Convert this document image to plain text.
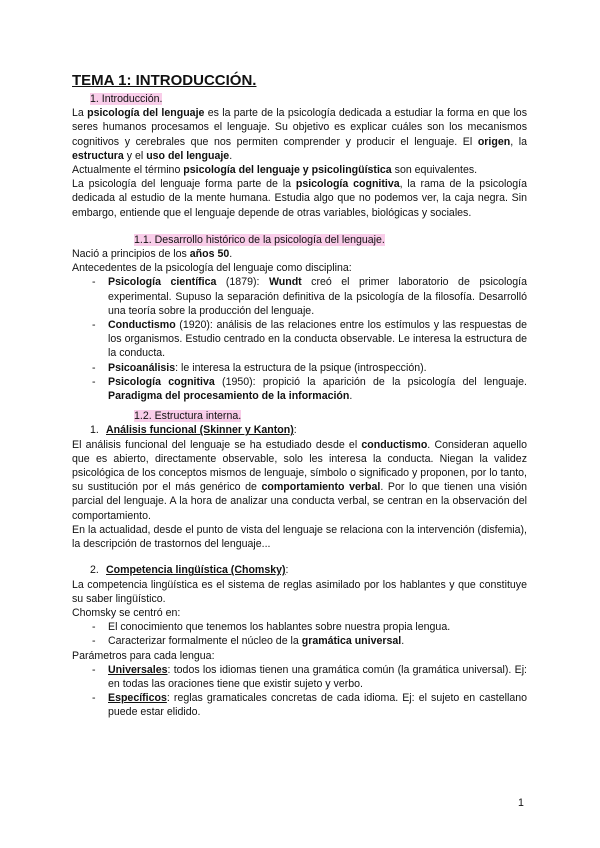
TEMA 1: INTRODUCCIÓN.
1. Introducción.

La psicología del lenguaje es la parte de la psicología dedicada a estudiar la forma en que los seres humanos procesamos el lenguaje. Su objetivo es explicar cuáles son los mecanismos cognitivos y cerebrales que nos permiten comprender y producir el lenguaje. El origen, la estructura y el uso del lenguaje.

Actualmente el término psicología del lenguaje y psicolingüística son equivalentes.

La psicología del lenguaje forma parte de la psicología cognitiva, la rama de la psicología dedicada al estudio de la mente humana. Estudia algo que no podemos ver, la caja negra. Sin embargo, entiende que el lenguaje depende de otras variables, biológicas y sociales.

1.1. Desarrollo histórico de la psicología del lenguaje.

Nació a principios de los años 50.

Antecedentes de la psicología del lenguaje como disciplina:

- Psicología científica (1879): Wundt creó el primer laboratorio de psicología experimental. Supuso la separación definitiva de la psicología de la filosofía. Desarrolló una teoría sobre la producción del lenguaje.
- Conductismo (1920): análisis de las relaciones entre los estímulos y las respuestas de los organismos. Estudio centrado en la conducta observable. Le interesa la estructura de la conducta.
- Psicoanálisis: le interesa la estructura de la psique (introspección).
- Psicología cognitiva (1950): propició la aparición de la psicología del lenguaje. Paradigma del procesamiento de la información.
1.2. Estructura interna.
1. Análisis funcional (Skinner y Kanton):

El análisis funcional del lenguaje se ha estudiado desde el conductismo. Consideran aquello que es abierto, directamente observable, solo les interesa la conducta. Niegan la validez psicológica de los conceptos mismos de lenguaje, símbolo o significado y proponen, por lo tanto, su sustitución por el más genérico de comportamiento verbal. Por lo que tienen una visión parcial del lenguaje. A la hora de analizar una conducta verbal, se centran en la observación del comportamiento.

En la actualidad, desde el punto de vista del lenguaje se relaciona con la intervención (disfemia), la descripción de trastornos del lenguaje...

2. Competencia lingüística (Chomsky):

La competencia lingüística es el sistema de reglas asimilado por los hablantes y que constituye su saber lingüístico.

Chomsky se centró en:

- El conocimiento que tenemos los hablantes sobre nuestra propia lengua.
- Caracterizar formalmente el núcleo de la gramática universal.

Parámetros para cada lengua:

- Universales: todos los idiomas tienen una gramática común (la gramática universal). Ej: en todas las oraciones tiene que existir sujeto y verbo.
- Específicos: reglas gramaticales concretas de cada idioma. Ej: el sujeto en castellano puede estar elidido.
1
